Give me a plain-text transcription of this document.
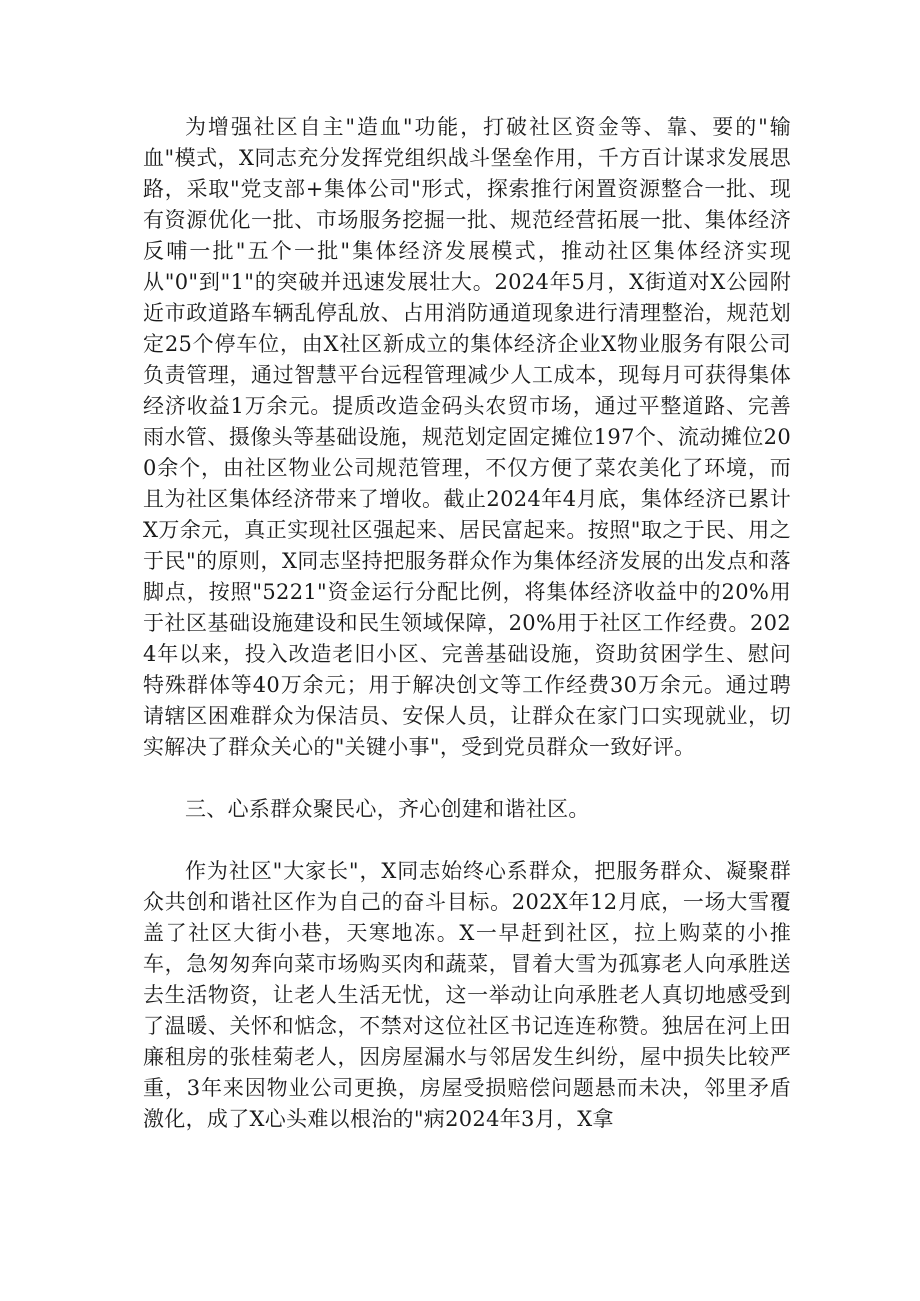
为增强社区自主"造血"功能，打破社区资金等、靠、要的"输血"模式，X同志充分发挥党组织战斗堡垒作用，千方百计谋求发展思路，采取"党支部+集体公司"形式，探索推行闲置资源整合一批、现有资源优化一批、市场服务挖掘一批、规范经营拓展一批、集体经济反哺一批"五个一批"集体经济发展模式，推动社区集体经济实现从"0"到"1"的突破并迅速发展壮大。2024年5月，X街道对X公园附近市政道路车辆乱停乱放、占用消防通道现象进行清理整治，规范划定25个停车位，由X社区新成立的集体经济企业X物业服务有限公司负责管理，通过智慧平台远程管理减少人工成本，现每月可获得集体经济收益1万余元。提质改造金码头农贸市场，通过平整道路、完善雨水管、摄像头等基础设施，规范划定固定摊位197个、流动摊位200余个，由社区物业公司规范管理，不仅方便了菜农美化了环境，而且为社区集体经济带来了增收。截止2024年4月底，集体经济已累计X万余元，真正实现社区强起来、居民富起来。按照"取之于民、用之于民"的原则，X同志坚持把服务群众作为集体经济发展的出发点和落脚点，按照"5221"资金运行分配比例，将集体经济收益中的20%用于社区基础设施建设和民生领域保障，20%用于社区工作经费。2024年以来，投入改造老旧小区、完善基础设施，资助贫困学生、慰问特殊群体等40万余元；用于解决创文等工作经费30万余元。通过聘请辖区困难群众为保洁员、安保人员，让群众在家门口实现就业，切实解决了群众关心的"关键小事"，受到党员群众一致好评。

三、心系群众聚民心，齐心创建和谐社区。

作为社区"大家长"，X同志始终心系群众，把服务群众、凝聚群众共创和谐社区作为自己的奋斗目标。202X年12月底，一场大雪覆盖了社区大街小巷，天寒地冻。X一早赶到社区，拉上购菜的小推车，急匆匆奔向菜市场购买肉和蔬菜，冒着大雪为孤寡老人向承胜送去生活物资，让老人生活无忧，这一举动让向承胜老人真切地感受到了温暖、关怀和惦念，不禁对这位社区书记连连称赞。独居在河上田廉租房的张桂菊老人，因房屋漏水与邻居发生纠纷，屋中损失比较严重，3年来因物业公司更换，房屋受损赔偿问题悬而未决，邻里矛盾激化，成了X心头难以根治的"病2024年3月，X拿
